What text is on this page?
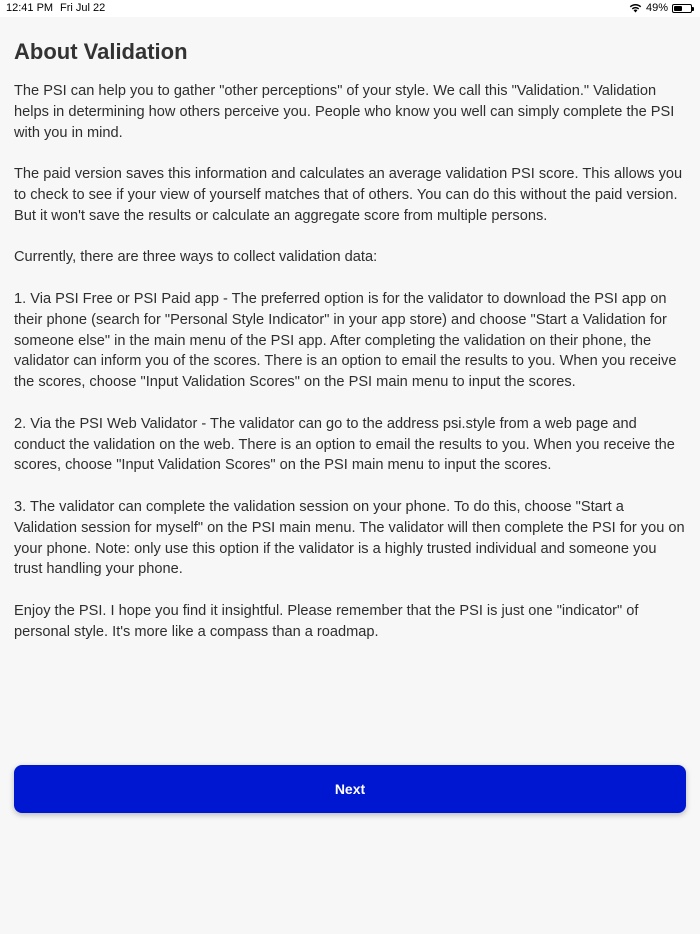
12:41 PM Fri Jul 22	49%
About Validation

The PSI can help you to gather "other perceptions" of your style. We call this "Validation." Validation helps in determining how others perceive you. People who know you well can simply complete the PSI with you in mind.

The paid version saves this information and calculates an average validation PSI score. This allows you to check to see if your view of yourself matches that of others. You can do this without the paid version. But it won't save the results or calculate an aggregate score from multiple persons.

Currently, there are three ways to collect validation data:

1. Via PSI Free or PSI Paid app - The preferred option is for the validator to download the PSI app on their phone (search for "Personal Style Indicator" in your app store) and choose "Start a Validation for someone else" in the main menu of the PSI app. After completing the validation on their phone, the validator can inform you of the scores. There is an option to email the results to you. When you receive the scores, choose "Input Validation Scores" on the PSI main menu to input the scores.

2. Via the PSI Web Validator - The validator can go to the address psi.style from a web page and conduct the validation on the web. There is an option to email the results to you. When you receive the scores, choose "Input Validation Scores" on the PSI main menu to input the scores.

3. The validator can complete the validation session on your phone. To do this, choose "Start a Validation session for myself" on the PSI main menu. The validator will then complete the PSI for you on your phone. Note: only use this option if the validator is a highly trusted individual and someone you trust handling your phone.

Enjoy the PSI. I hope you find it insightful. Please remember that the PSI is just one "indicator" of personal style. It's more like a compass than a roadmap.

Next
